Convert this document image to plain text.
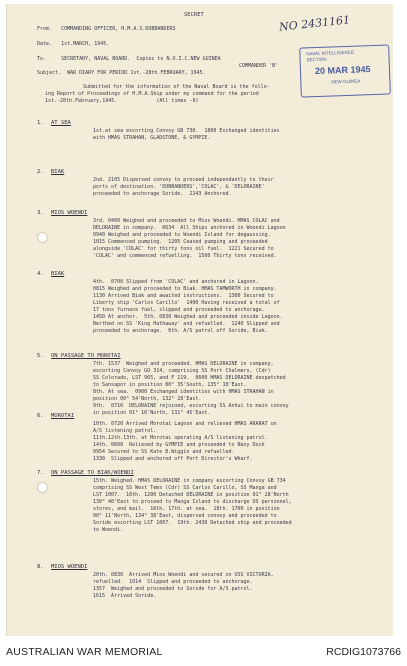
SECRET	NO 2431161
NAVAL INTELLIGENCE
SECTION
20 MAR 1945
NEW GUINEA
From.   COMMANDING OFFICER, H.M.A.S.DUBBANDERS
Date.   1st.MARCH, 1945.
To.     SECRETARY, NAVAL BOARD.  Copies to N.O.I.C.NEW GUINEA
COMMANDER 'B'
Subject.  WAR DIARY FOR PERIOD 1st.-28th.FEBRUARY, 1945.
Submitted for the information of the Naval Board is the follo-
ing Report of Proceedings of H.M.A.Ship under my command for the period
1st.-28th.February,1945.             (All times -9)
1. AT SEA
1st.at sea escorting Convoy GB 730.  1800 Exchanged identities
with HMAS STRAHAN, GLADSTONE, & GYMPIE.
2. BIAK
2nd. 2105 Dispersed convoy to proceed independantly to their
ports of destination. 'DUBBANDERS','COLAC', & 'DELORAINE'
proceeded to anchorage Soride.  2243 Anchored.
3. MIOS WOENDI
3rd. 0400 Weighed and proceeded to Mios Woendi. HMAS COLAC and
DELORAINE in company.  0634  All Ships anchored in Woendi Lagoon
0940 Weighed and proceeded to Woendi Island for degaussing.
1015 Commenced pumping.  1205 Ceased pumping and proceeded
alongside 'COLAC' for thirty tons oil fuel.  1221 Secured to
'COLAC' and commenced refuelling.  1500 Thirty tons received.
4. BIAK
4th.  0700 Slipped from 'COLAC' and anchored in Lagoon.
0815 Weighed and proceeded to Biak. HMAS TAMWORTH in company.
1130 Arrived Biak and awaited instructions.  1300 Secured to
Liberty ship 'Carlos Carillo'  1400 Having received a total of
17 tons furnace fuel, slipped and proceeded to anchorage.
1450 At anchor.  5th. 0830 Weighed and proceeded inside Lagoon.
Berthed on SS 'King Hathaway' and refuelled.  1240 Slipped and
proceeded to anchorage.  6th. A/S patrol off Soride, Biak.
5. ON PASSAGE TO MOROTAI
7th. 1537  Weighed and proceeded. HMAS DELORAINE in company,
escorting Convoy GO 314, comprising SS Port Chalmers, (Cdr)
SS Colorado, LST 965, and F 119.  0600 HMAS DELORAINE despatched
to Sansapor in position 00° 35'South, 135° 10'East.
8th. At sea.  0900 Exchanged identities with HMAS STRAHAN in
position 00° 54'North, 132° 28'East.
9th.  0710  DELORAINE rejoined, escorting SS Anhui to main convoy
in position 01° 16'North, 131° 45'East.
6. MOROTAI
10th. 0720 Arrived Morotai Lagoon and relieved HMAS ARARAT on
A/S listening patrol.
11th.12th.13th. at Morotai operating A/S listening patrol.
14th. 0600  Relieved by GYMPIE and proceeded to Navy Dock
0954 Secured to SS Kate B.Wiggin and refuelled.
1330  Slipped and anchored off Port Director's Wharf.
7. ON PASSAGE TO BIAK/WOENDI
15th. Weighed. HMAS DELORAINE in company escorting Convoy GB 734
comprising SS West Tems (Cdr) SS Carlos Carillo, SS Manga and
LST 1007.  16th. 1200 Detached DELORAINE in position 01° 28'North
130° 40'East to proceed to Manga Island to discharge US personnel,
stores, and mail.  16th. 17th. at sea.  18th. 1700 in position
00° 11'North, 134° 38'East, dispersed convoy and proceeded to
Soride escorting LST 1007.  19th. 2430 Detached ship and proceeded
to Woendi.
8. MIOS WOENDI
20th. 0830  Arrived Mios Woendi and secured on USS VICTORIA,
refuelled.  1014  Slipped and proceeded to anchorage.
1357  Weighed and proceeded to Soride for A/S patrol.
1615  Arrived Soride.
AUSTRALIAN WAR MEMORIAL	RCDIG1073766
